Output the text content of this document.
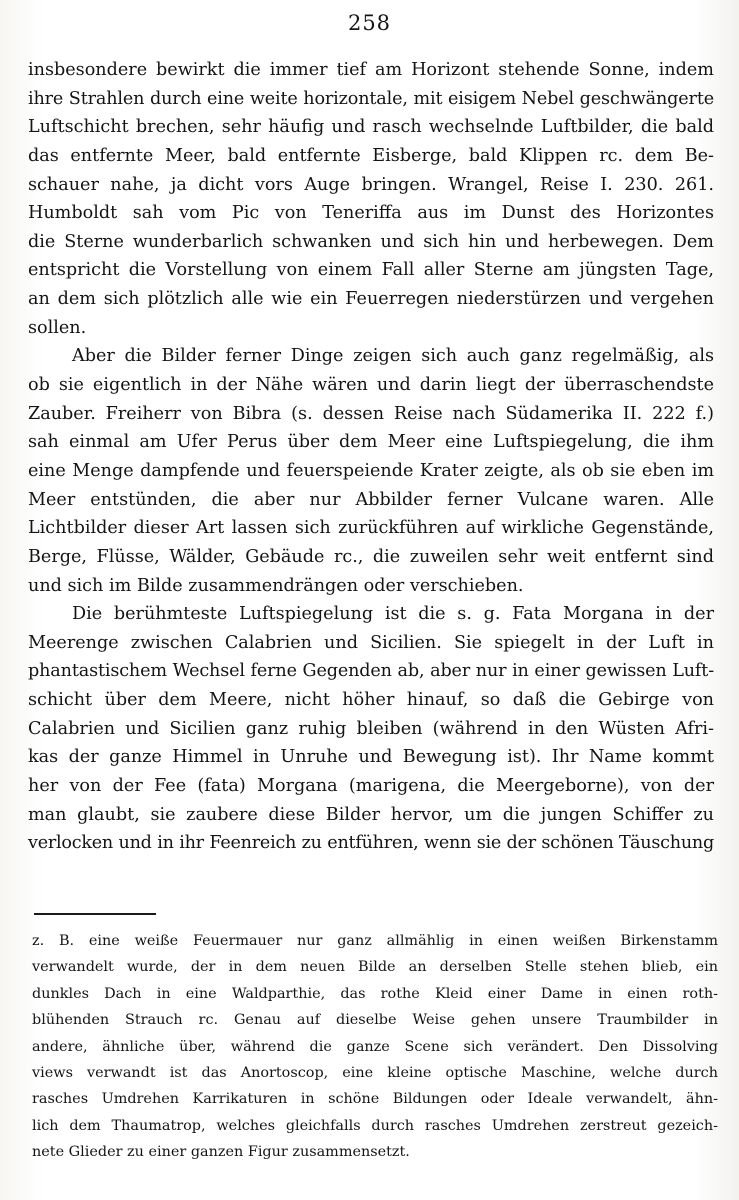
258
insbesondere bewirkt die immer tief am Horizont stehende Sonne, indem
ihre Strahlen durch eine weite horizontale, mit eisigem Nebel geschwängerte
Luftschicht brechen, sehr häufig und rasch wechselnde Luftbilder, die bald
das entfernte Meer, bald entfernte Eisberge, bald Klippen rc. dem Be-
schauer nahe, ja dicht vors Auge bringen. Wrangel, Reise I. 230. 261.
Humboldt sah vom Pic von Teneriffa aus im Dunst des Horizontes
die Sterne wunderbarlich schwanken und sich hin und herbewegen. Dem
entspricht die Vorstellung von einem Fall aller Sterne am jüngsten Tage,
an dem sich plötzlich alle wie ein Feuerregen niederstürzen und vergehen
sollen.
Aber die Bilder ferner Dinge zeigen sich auch ganz regelmäßig, als
ob sie eigentlich in der Nähe wären und darin liegt der überraschendste
Zauber. Freiherr von Bibra (s. dessen Reise nach Südamerika II. 222 f.)
sah einmal am Ufer Perus über dem Meer eine Luftspiegelung, die ihm
eine Menge dampfende und feuerspeiende Krater zeigte, als ob sie eben im
Meer entstünden, die aber nur Abbilder ferner Vulcane waren. Alle
Lichtbilder dieser Art lassen sich zurückführen auf wirkliche Gegenstände,
Berge, Flüsse, Wälder, Gebäude rc., die zuweilen sehr weit entfernt sind
und sich im Bilde zusammendrängen oder verschieben.
Die berühmteste Luftspiegelung ist die s. g. Fata Morgana in der
Meerenge zwischen Calabrien und Sicilien. Sie spiegelt in der Luft in
phantastischem Wechsel ferne Gegenden ab, aber nur in einer gewissen Luft-
schicht über dem Meere, nicht höher hinauf, so daß die Gebirge von
Calabrien und Sicilien ganz ruhig bleiben (während in den Wüsten Afri-
kas der ganze Himmel in Unruhe und Bewegung ist). Ihr Name kommt
her von der Fee (fata) Morgana (marigena, die Meergeborne), von der
man glaubt, sie zaubere diese Bilder hervor, um die jungen Schiffer zu
verlocken und in ihr Feenreich zu entführen, wenn sie der schönen Täuschung
z. B. eine weiße Feuermauer nur ganz allmählig in einen weißen Birkenstamm
verwandelt wurde, der in dem neuen Bilde an derselben Stelle stehen blieb, ein
dunkles Dach in eine Waldparthie, das rothe Kleid einer Dame in einen roth-
blühenden Strauch rc. Genau auf dieselbe Weise gehen unsere Traumbilder in
andere, ähnliche über, während die ganze Scene sich verändert. Den Dissolving
views verwandt ist das Anortoscop, eine kleine optische Maschine, welche durch
rasches Umdrehen Karrikaturen in schöne Bildungen oder Ideale verwandelt, ähn-
lich dem Thaumatrop, welches gleichfalls durch rasches Umdrehen zerstreut gezeich-
nete Glieder zu einer ganzen Figur zusammensetzt.
